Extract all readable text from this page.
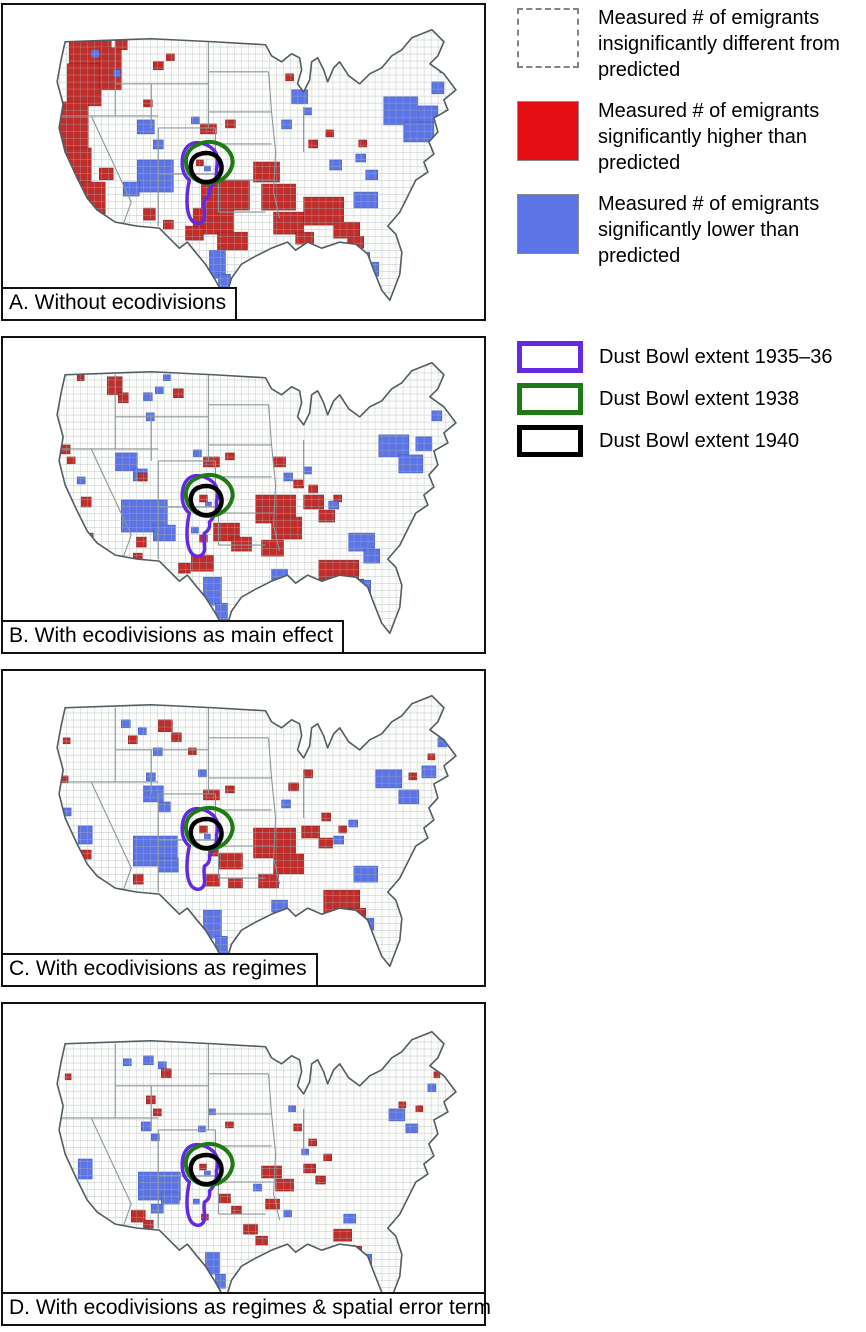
A. Without ecodivisions
B. With ecodivisions as main effect
C. With ecodivisions as regimes
D. With ecodivisions as regimes & spatial error term
Measured # of emigrants insignificantly different from predicted
Measured # of emigrants significantly higher than predicted
Measured # of emigrants significantly lower than predicted
Dust Bowl extent 1935–36
Dust Bowl extent 1938
Dust Bowl extent 1940
